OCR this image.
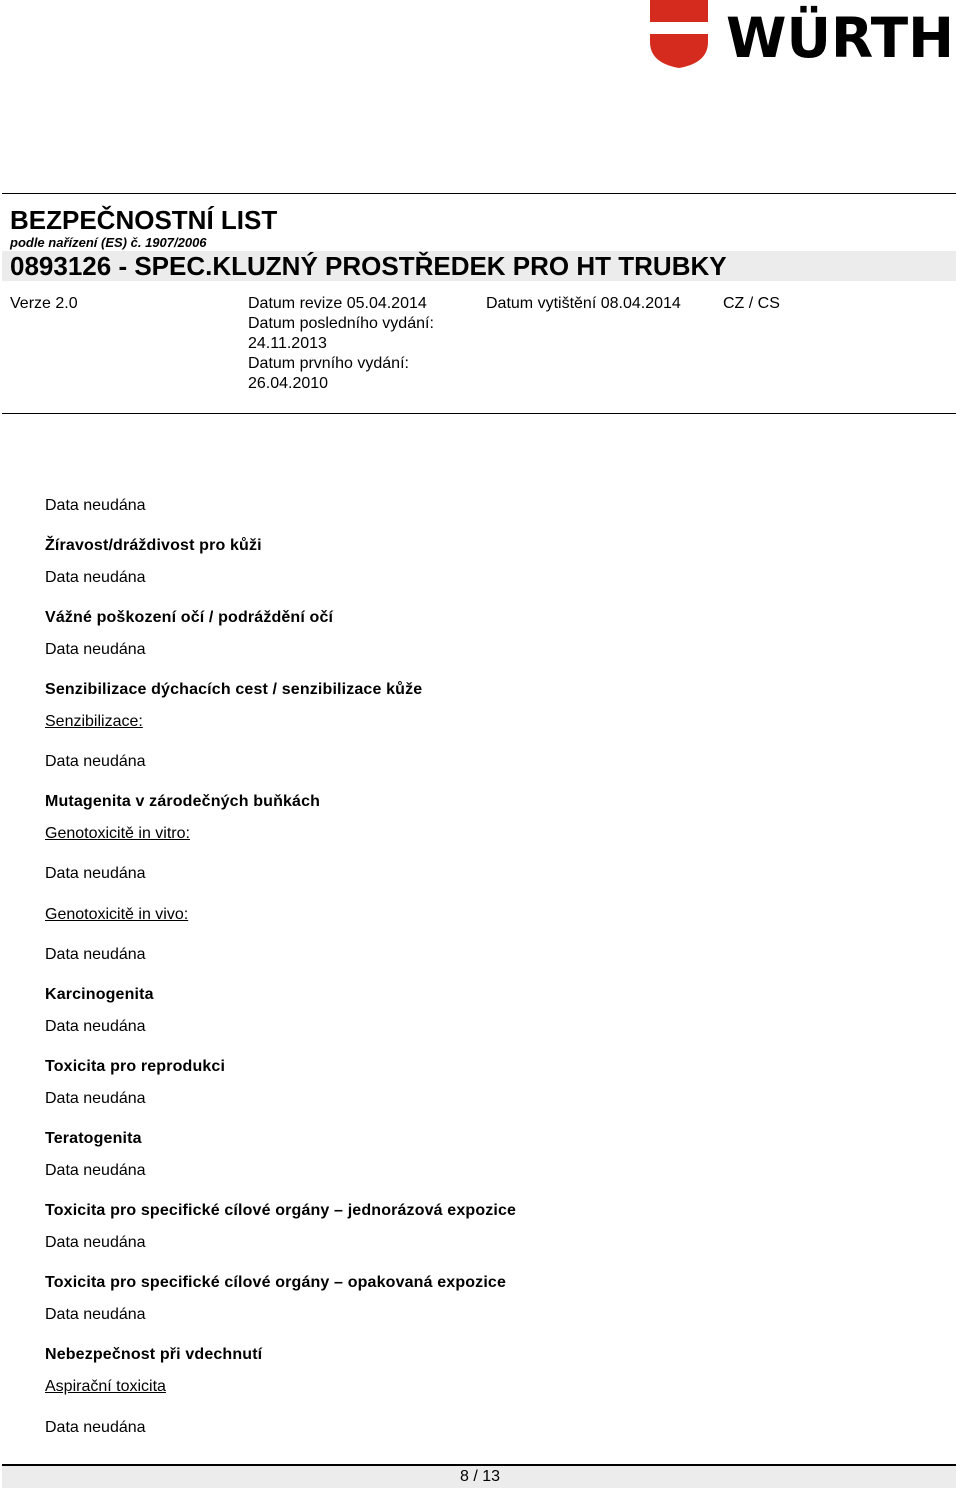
WÜRTH
BEZPEČNOSTNÍ LIST
podle nařízení (ES) č. 1907/2006
0893126 - SPEC.KLUZNÝ PROSTŘEDEK PRO HT TRUBKY
Verze 2.0	Datum revize 05.04.2014
Datum posledního vydání:
24.11.2013
Datum prvního vydání:
26.04.2010
Datum vytištění 08.04.2014	CZ / CS
Data neudána
Žíravost/dráždivost pro kůži
Data neudána
Vážné poškození očí / podráždění očí
Data neudána
Senzibilizace dýchacích cest / senzibilizace kůže
Senzibilizace:
Data neudána
Mutagenita v zárodečných buňkách
Genotoxicitě in vitro:
Data neudána
Genotoxicitě in vivo:
Data neudána
Karcinogenita
Data neudána
Toxicita pro reprodukci
Data neudána
Teratogenita
Data neudána
Toxicita pro specifické cílové orgány – jednorázová expozice
Data neudána
Toxicita pro specifické cílové orgány – opakovaná expozice
Data neudána
Nebezpečnost při vdechnutí
Aspirační toxicita
Data neudána
8 / 13
